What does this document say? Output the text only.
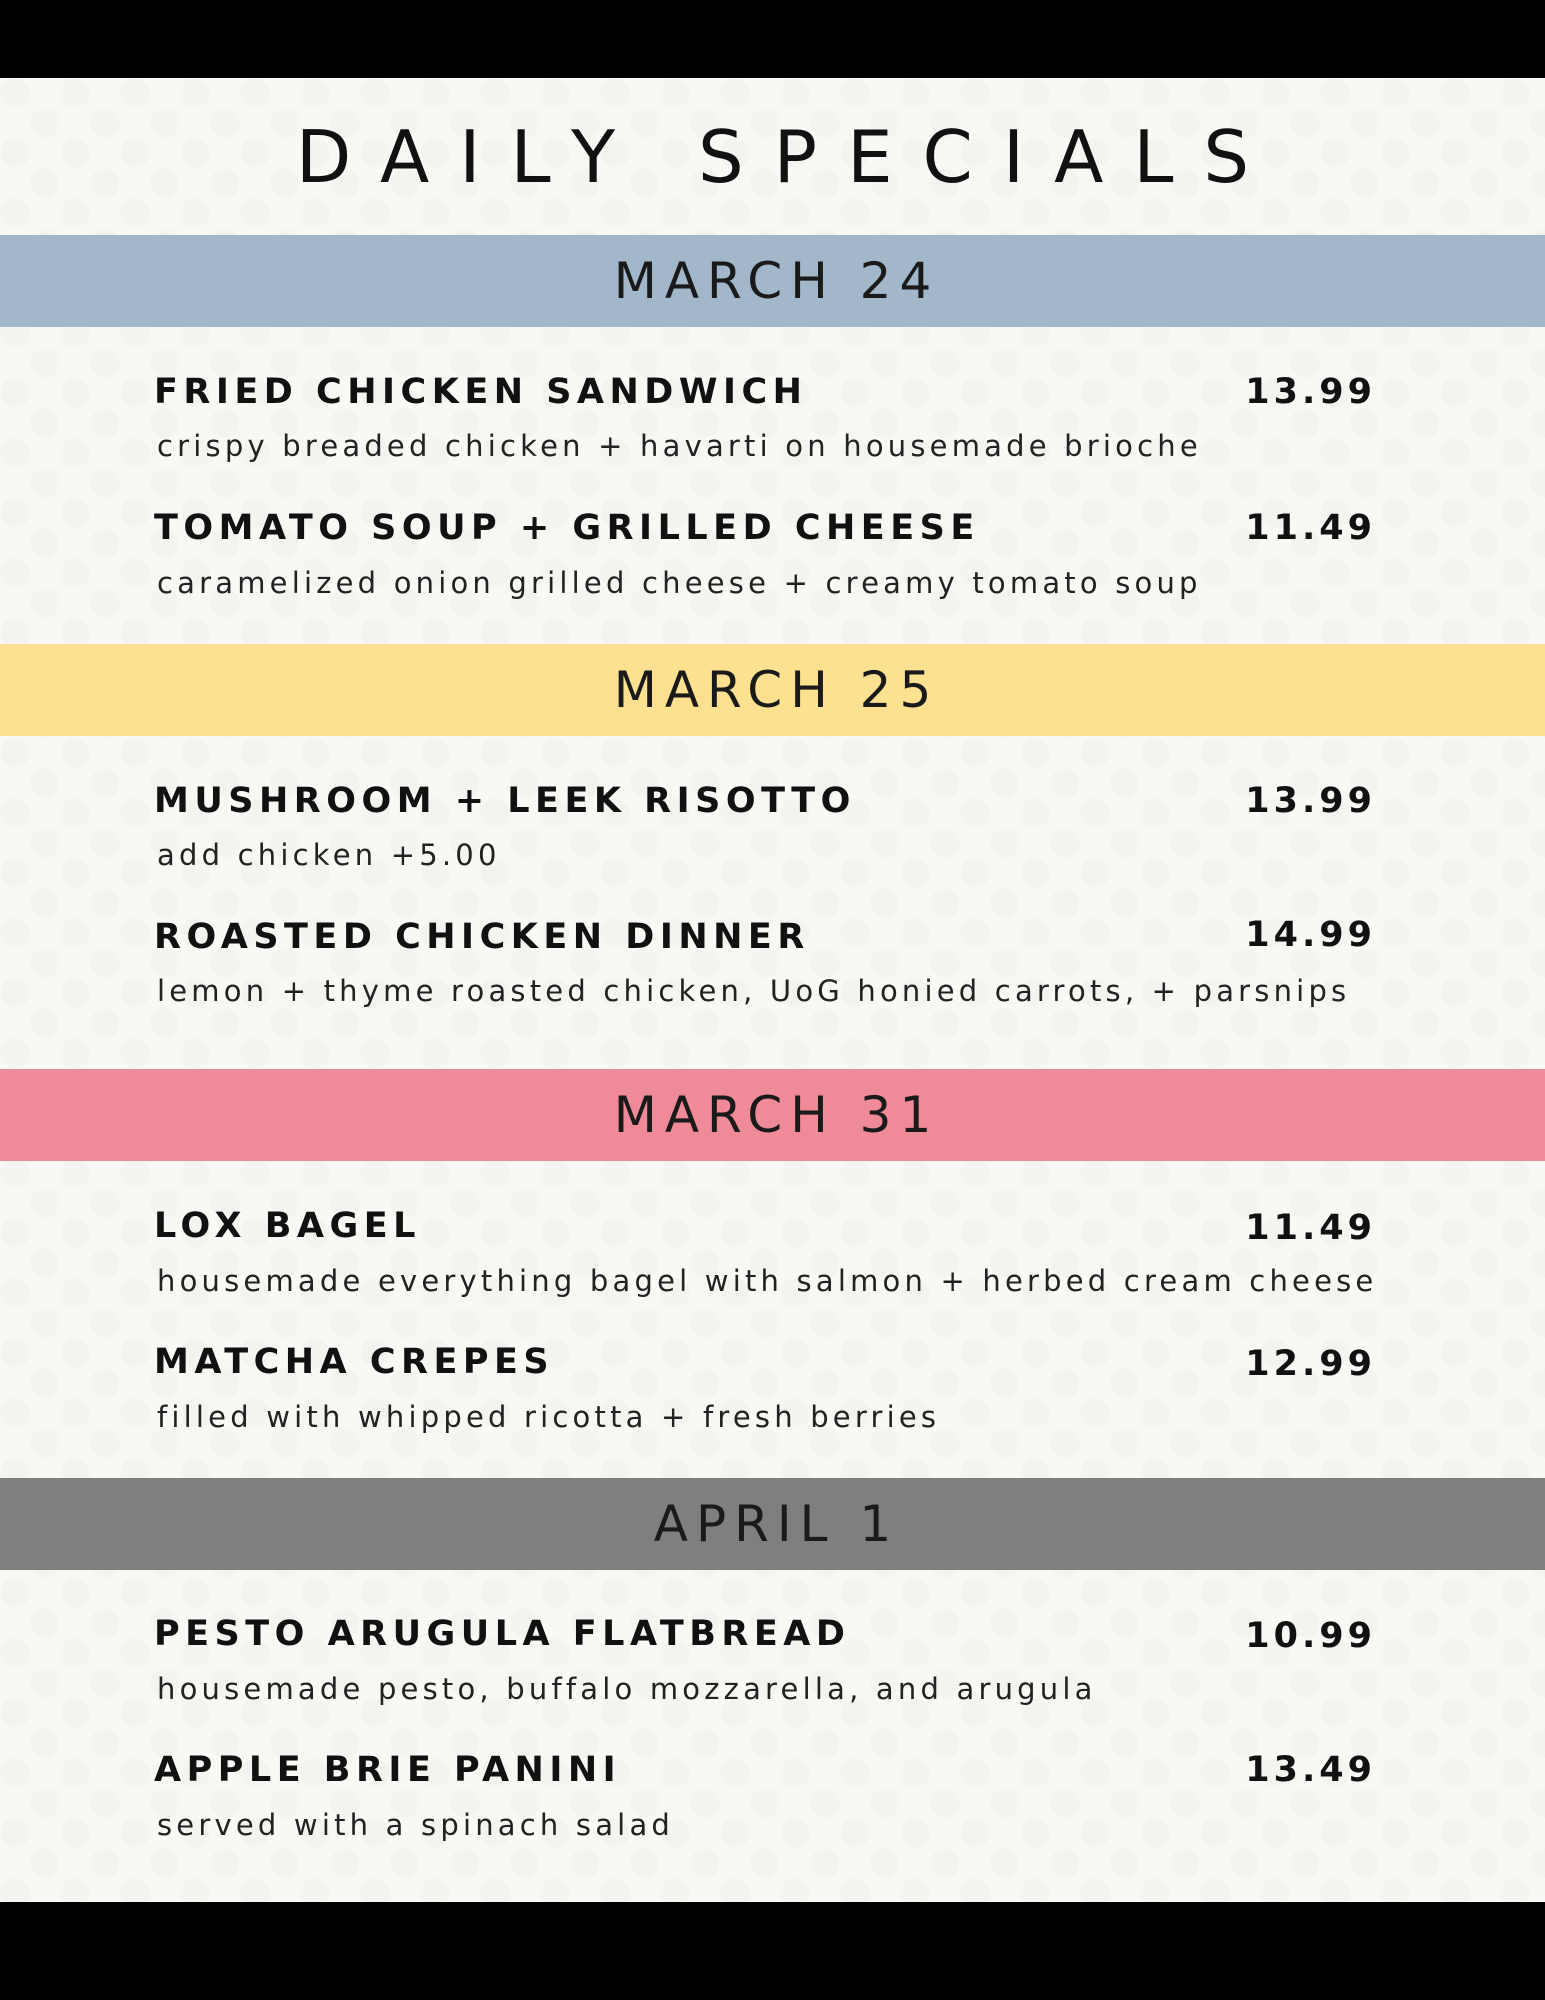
DAILY SPECIALS
MARCH 24
FRIED CHICKEN SANDWICH	13.99
crispy breaded chicken + havarti on housemade brioche
TOMATO SOUP + GRILLED CHEESE	11.49
caramelized onion grilled cheese + creamy tomato soup
MARCH 25
MUSHROOM + LEEK RISOTTO	13.99
add chicken +5.00
ROASTED CHICKEN DINNER	14.99
lemon + thyme roasted chicken, UoG honied carrots, + parsnips
MARCH 31
LOX BAGEL	11.49
housemade everything bagel with salmon + herbed cream cheese
MATCHA CREPES	12.99
filled with whipped ricotta + fresh berries
APRIL 1
PESTO ARUGULA FLATBREAD	10.99
housemade pesto, buffalo mozzarella, and arugula
APPLE BRIE PANINI	13.49
served with a spinach salad
